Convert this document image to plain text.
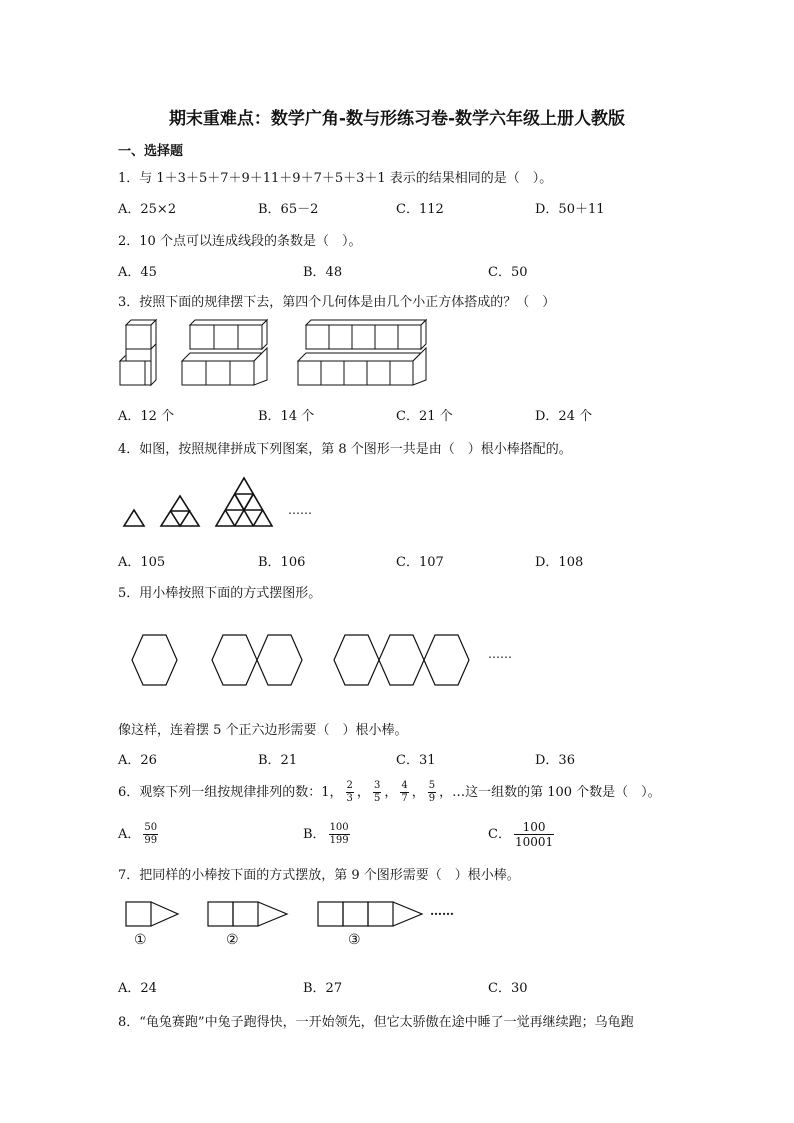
期末重难点：数学广角-数与形练习卷-数学六年级上册人教版
一、选择题
1．与 1＋3＋5＋7＋9＋11＋9＋7＋5＋3＋1 表示的结果相同的是（　）。
A．25×2	B．65－2	C．112	D．50＋11
2．10 个点可以连成线段的条数是（　）。
A．45	B．48	C．50
3．按照下面的规律摆下去，第四个几何体是由几个小正方体搭成的？（　）
A．12 个	B．14 个	C．21 个	D．24 个
4．如图，按照规律拼成下列图案，第 8 个图形一共是由（　）根小棒搭配的。
……
A．105	B．106	C．107	D．108
5．用小棒按照下面的方式摆图形。
……
像这样，连着摆 5 个正六边形需要（　）根小棒。
A．26	B．21	C．31	D．36
6．观察下列一组按规律排列的数：1， $\frac{2}{3}$ ， $\frac{3}{5}$ ， $\frac{4}{7}$ ， $\frac{5}{9}$ ，…这一组数的第 100 个数是（　）。
A． $\frac{50}{99}$	B． $\frac{100}{199}$	C． $\frac{100}{10001}$
7．把同样的小棒按下面的方式摆放，第 9 个图形需要（　）根小棒。
……
①	②	③
A．24	B．27	C．30
8．“龟兔赛跑”中兔子跑得快，一开始领先，但它太骄傲在途中睡了一觉再继续跑；乌龟跑
